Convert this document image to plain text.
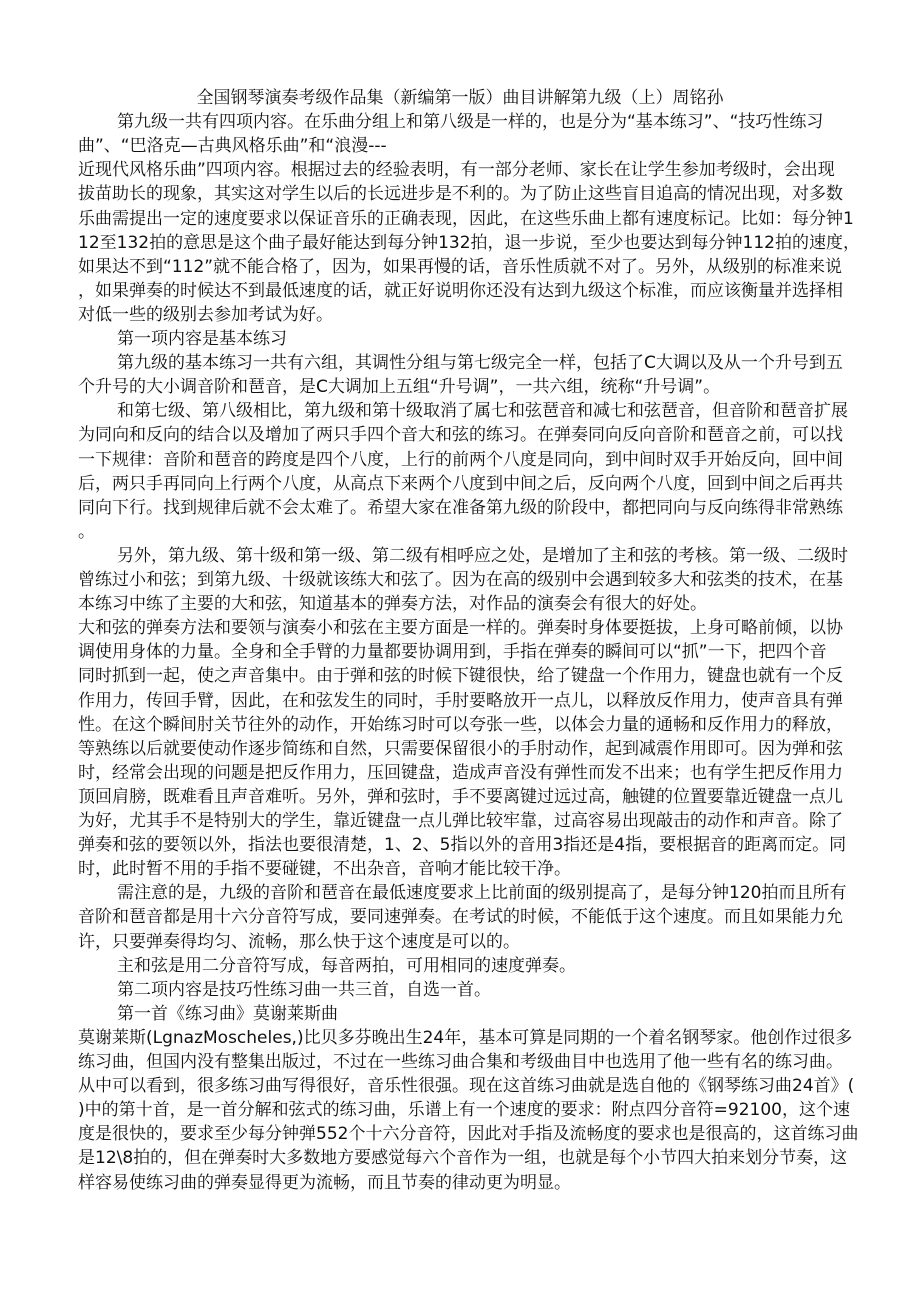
全国钢琴演奏考级作品集（新编第一版）曲目讲解第九级（上）周铭孙
第九级一共有四项内容。在乐曲分组上和第八级是一样的，也是分为“基本练习”、“技巧性练习
曲”、“巴洛克—古典风格乐曲”和“浪漫---
近现代风格乐曲”四项内容。根据过去的经验表明，有一部分老师、家长在让学生参加考级时，会出现
拔苗助长的现象，其实这对学生以后的长远进步是不利的。为了防止这些盲目追高的情况出现，对多数
乐曲需提出一定的速度要求以保证音乐的正确表现，因此，在这些乐曲上都有速度标记。比如：每分钟1
12至132拍的意思是这个曲子最好能达到每分钟132拍，退一步说，至少也要达到每分钟112拍的速度，
如果达不到“112”就不能合格了，因为，如果再慢的话，音乐性质就不对了。另外，从级别的标准来说
，如果弹奏的时候达不到最低速度的话，就正好说明你还没有达到九级这个标准，而应该衡量并选择相
对低一些的级别去参加考试为好。
第一项内容是基本练习
第九级的基本练习一共有六组，其调性分组与第七级完全一样，包括了C大调以及从一个升号到五
个升号的大小调音阶和琶音，是C大调加上五组“升号调”，一共六组，统称“升号调”。
和第七级、第八级相比，第九级和第十级取消了属七和弦琶音和减七和弦琶音，但音阶和琶音扩展
为同向和反向的结合以及增加了两只手四个音大和弦的练习。在弹奏同向反向音阶和琶音之前，可以找
一下规律：音阶和琶音的跨度是四个八度，上行的前两个八度是同向，到中间时双手开始反向，回中间
后，两只手再同向上行两个八度，从高点下来两个八度到中间之后，反向两个八度，回到中间之后再共
同向下行。找到规律后就不会太难了。希望大家在准备第九级的阶段中，都把同向与反向练得非常熟练
。
另外，第九级、第十级和第一级、第二级有相呼应之处，是增加了主和弦的考核。第一级、二级时
曾练过小和弦；到第九级、十级就该练大和弦了。因为在高的级别中会遇到较多大和弦类的技术，在基
本练习中练了主要的大和弦，知道基本的弹奏方法，对作品的演奏会有很大的好处。
大和弦的弹奏方法和要领与演奏小和弦在主要方面是一样的。弹奏时身体要挺拔，上身可略前倾，以协
调使用身体的力量。全身和全手臂的力量都要协调用到，手指在弹奏的瞬间可以“抓”一下，把四个音
同时抓到一起，使之声音集中。由于弹和弦的时候下键很快，给了键盘一个作用力，键盘也就有一个反
作用力，传回手臂，因此，在和弦发生的同时，手肘要略放开一点儿，以释放反作用力，使声音具有弹
性。在这个瞬间肘关节往外的动作，开始练习时可以夸张一些，以体会力量的通畅和反作用力的释放，
等熟练以后就要使动作逐步简练和自然，只需要保留很小的手肘动作，起到减震作用即可。因为弹和弦
时，经常会出现的问题是把反作用力，压回键盘，造成声音没有弹性而发不出来；也有学生把反作用力
顶回肩膀，既难看且声音难听。另外，弹和弦时，手不要离键过远过高，触键的位置要靠近键盘一点儿
为好，尤其手不是特别大的学生，靠近键盘一点儿弹比较牢靠，过高容易出现敲击的动作和声音。除了
弹奏和弦的要领以外，指法也要很清楚，1、2、5指以外的音用3指还是4指，要根据音的距离而定。同
时，此时暂不用的手指不要碰键，不出杂音，音响才能比较干净。
需注意的是，九级的音阶和琶音在最低速度要求上比前面的级别提高了，是每分钟120拍而且所有
音阶和琶音都是用十六分音符写成，要同速弹奏。在考试的时候，不能低于这个速度。而且如果能力允
许，只要弹奏得均匀、流畅，那么快于这个速度是可以的。
主和弦是用二分音符写成，每音两拍，可用相同的速度弹奏。
第二项内容是技巧性练习曲一共三首，自选一首。
第一首《练习曲》莫谢莱斯曲
莫谢莱斯(LgnazMoscheles,)比贝多芬晚出生24年，基本可算是同期的一个着名钢琴家。他创作过很多
练习曲，但国内没有整集出版过，不过在一些练习曲合集和考级曲目中也选用了他一些有名的练习曲。
从中可以看到，很多练习曲写得很好，音乐性很强。现在这首练习曲就是选自他的《钢琴练习曲24首》(
)中的第十首，是一首分解和弦式的练习曲，乐谱上有一个速度的要求：附点四分音符=92100，这个速
度是很快的，要求至少每分钟弹552个十六分音符，因此对手指及流畅度的要求也是很高的，这首练习曲
是12\8拍的，但在弹奏时大多数地方要感觉每六个音作为一组，也就是每个小节四大拍来划分节奏，这
样容易使练习曲的弹奏显得更为流畅，而且节奏的律动更为明显。
